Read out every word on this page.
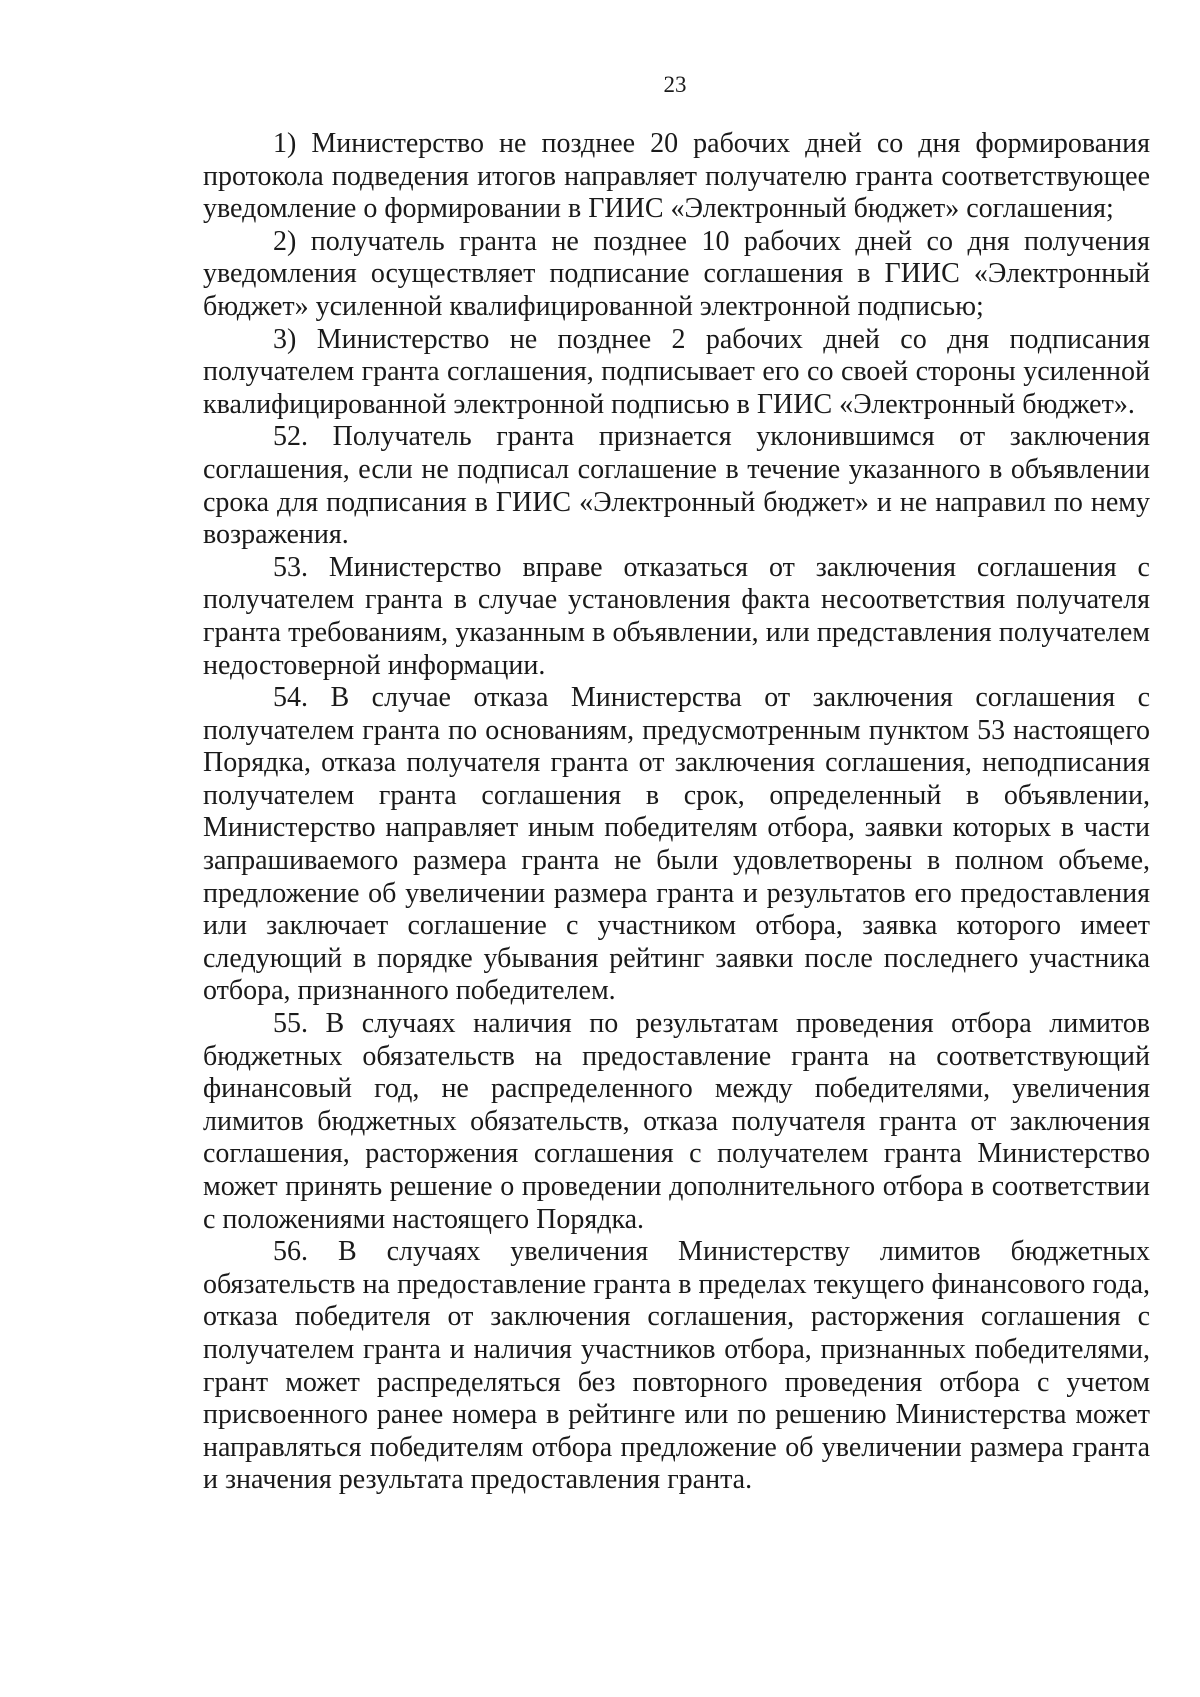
23

1) Министерство не позднее 20 рабочих дней со дня формирования протокола подведения итогов направляет получателю гранта соответствующее уведомление о формировании в ГИИС «Электронный бюджет» соглашения;

2) получатель гранта не позднее 10 рабочих дней со дня получения уведомления осуществляет подписание соглашения в ГИИС «Электронный бюджет» усиленной квалифицированной электронной подписью;

3) Министерство не позднее 2 рабочих дней со дня подписания получателем гранта соглашения, подписывает его со своей стороны усиленной квалифицированной электронной подписью в ГИИС «Электронный бюджет».

52. Получатель гранта признается уклонившимся от заключения соглашения, если не подписал соглашение в течение указанного в объявлении срока для подписания в ГИИС «Электронный бюджет» и не направил по нему возражения.

53. Министерство вправе отказаться от заключения соглашения с получателем гранта в случае установления факта несоответствия получателя гранта требованиям, указанным в объявлении, или представления получателем недостоверной информации.

54. В случае отказа Министерства от заключения соглашения с получателем гранта по основаниям, предусмотренным пунктом 53 настоящего Порядка, отказа получателя гранта от заключения соглашения, неподписания получателем гранта соглашения в срок, определенный в объявлении, Министерство направляет иным победителям отбора, заявки которых в части запрашиваемого размера гранта не были удовлетворены в полном объеме, предложение об увеличении размера гранта и результатов его предоставления или заключает соглашение с участником отбора, заявка которого имеет следующий в порядке убывания рейтинг заявки после последнего участника отбора, признанного победителем.

55. В случаях наличия по результатам проведения отбора лимитов бюджетных обязательств на предоставление гранта на соответствующий финансовый год, не распределенного между победителями, увеличения лимитов бюджетных обязательств, отказа получателя гранта от заключения соглашения, расторжения соглашения с получателем гранта Министерство может принять решение о проведении дополнительного отбора в соответствии с положениями настоящего Порядка.

56. В случаях увеличения Министерству лимитов бюджетных обязательств на предоставление гранта в пределах текущего финансового года, отказа победителя от заключения соглашения, расторжения соглашения с получателем гранта и наличия участников отбора, признанных победителями, грант может распределяться без повторного проведения отбора с учетом присвоенного ранее номера в рейтинге или по решению Министерства может направляться победителям отбора предложение об увеличении размера гранта и значения результата предоставления гранта.
